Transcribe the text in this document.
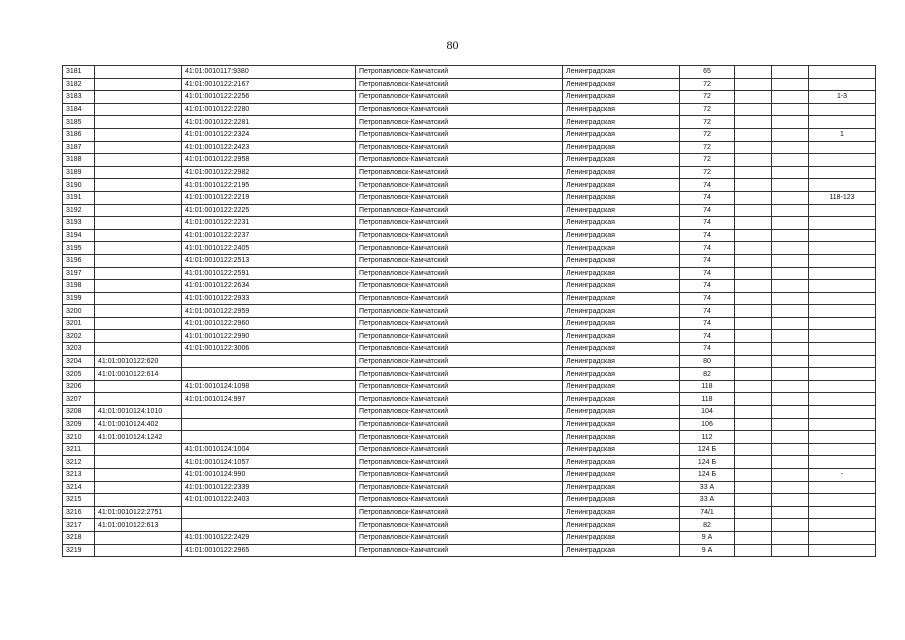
80
3181		41:01:0010117:9380	Петропавловск-Камчатский	Ленинградская	65			
3182		41:01:0010122:2167	Петропавловск-Камчатский	Ленинградская	72			
3183		41:01:0010122:2256	Петропавловск-Камчатский	Ленинградская	72			1-3
3184		41:01:0010122:2280	Петропавловск-Камчатский	Ленинградская	72			
3185		41:01:0010122:2281	Петропавловск-Камчатский	Ленинградская	72			
3186		41:01:0010122:2324	Петропавловск-Камчатский	Ленинградская	72			1
3187		41:01:0010122:2423	Петропавловск-Камчатский	Ленинградская	72			
3188		41:01:0010122:2958	Петропавловск-Камчатский	Ленинградская	72			
3189		41:01:0010122:2982	Петропавловск-Камчатский	Ленинградская	72			
3190		41:01:0010122:2195	Петропавловск-Камчатский	Ленинградская	74			
3191		41:01:0010122:2219	Петропавловск-Камчатский	Ленинградская	74			118-123
3192		41:01:0010122:2225	Петропавловск-Камчатский	Ленинградская	74			
3193		41:01:0010122:2231	Петропавловск-Камчатский	Ленинградская	74			
3194		41:01:0010122:2237	Петропавловск-Камчатский	Ленинградская	74			
3195		41:01:0010122:2405	Петропавловск-Камчатский	Ленинградская	74			
3196		41:01:0010122:2513	Петропавловск-Камчатский	Ленинградская	74			
3197		41:01:0010122:2591	Петропавловск-Камчатский	Ленинградская	74			
3198		41:01:0010122:2634	Петропавловск-Камчатский	Ленинградская	74			
3199		41:01:0010122:2933	Петропавловск-Камчатский	Ленинградская	74			
3200		41:01:0010122:2959	Петропавловск-Камчатский	Ленинградская	74			
3201		41:01:0010122:2960	Петропавловск-Камчатский	Ленинградская	74			
3202		41:01:0010122:2990	Петропавловск-Камчатский	Ленинградская	74			
3203		41:01:0010122:3006	Петропавловск-Камчатский	Ленинградская	74			
3204	41:01:0010122:620		Петропавловск-Камчатский	Ленинградская	80			
3205	41:01:0010122:614		Петропавловск-Камчатский	Ленинградская	82			
3206		41:01:0010124:1098	Петропавловск-Камчатский	Ленинградская	118			
3207		41:01:0010124:997	Петропавловск-Камчатский	Ленинградская	118			
3208	41:01:0010124:1010		Петропавловск-Камчатский	Ленинградская	104			
3209	41:01:0010124:402		Петропавловск-Камчатский	Ленинградская	106			
3210	41:01:0010124:1242		Петропавловск-Камчатский	Ленинградская	112			
3211		41:01:0010124:1004	Петропавловск-Камчатский	Ленинградская	124 Б			
3212		41:01:0010124:1057	Петропавловск-Камчатский	Ленинградская	124 Б			
3213		41:01:0010124:990	Петропавловск-Камчатский	Ленинградская	124 Б			-
3214		41:01:0010122:2339	Петропавловск-Камчатский	Ленинградская	33 А			
3215		41:01:0010122:2403	Петропавловск-Камчатский	Ленинградская	33 А			
3216	41:01:0010122:2751		Петропавловск-Камчатский	Ленинградская	74/1			
3217	41:01:0010122:613		Петропавловск-Камчатский	Ленинградская	82			
3218		41:01:0010122:2429	Петропавловск-Камчатский	Ленинградская	9 А			
3219		41:01:0010122:2965	Петропавловск-Камчатский	Ленинградская	9 А			
